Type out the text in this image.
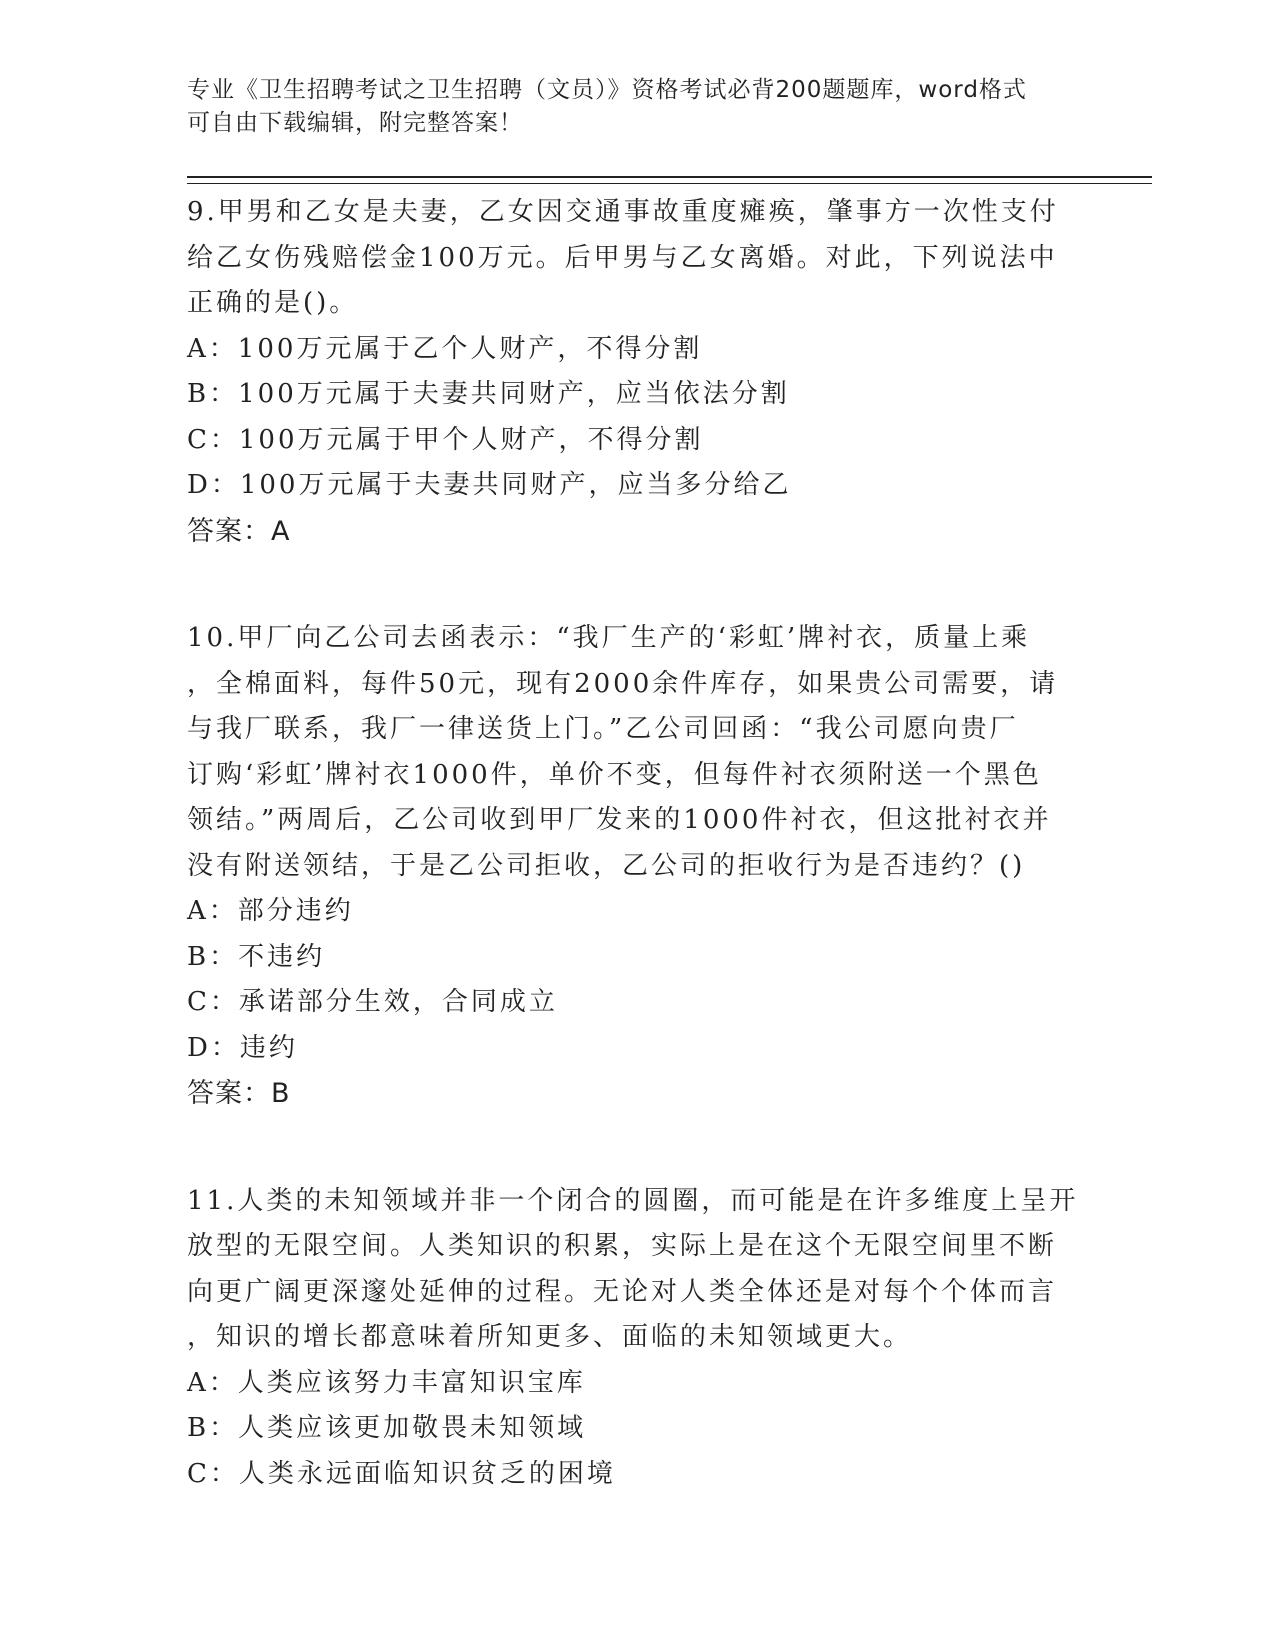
专业《卫生招聘考试之卫生招聘（文员）》资格考试必背200题题库，word格式
可自由下载编辑，附完整答案！

9.甲男和乙女是夫妻，乙女因交通事故重度瘫痪，肇事方一次性支付

给乙女伤残赔偿金100万元。后甲男与乙女离婚。对此，下列说法中

正确的是()。

A：100万元属于乙个人财产，不得分割

B：100万元属于夫妻共同财产，应当依法分割

C：100万元属于甲个人财产，不得分割

D：100万元属于夫妻共同财产，应当多分给乙

答案：A

10.甲厂向乙公司去函表示：“我厂生产的‘彩虹’牌衬衣，质量上乘

，全棉面料，每件50元，现有2000余件库存，如果贵公司需要，请

与我厂联系，我厂一律送货上门。”乙公司回函：“我公司愿向贵厂

订购‘彩虹’牌衬衣1000件，单价不变，但每件衬衣须附送一个黑色

领结。”两周后，乙公司收到甲厂发来的1000件衬衣，但这批衬衣并

没有附送领结，于是乙公司拒收，乙公司的拒收行为是否违约？()

A：部分违约

B：不违约

C：承诺部分生效，合同成立

D：违约

答案：B

11.人类的未知领域并非一个闭合的圆圈，而可能是在许多维度上呈开

放型的无限空间。人类知识的积累，实际上是在这个无限空间里不断

向更广阔更深邃处延伸的过程。无论对人类全体还是对每个个体而言

，知识的增长都意味着所知更多、面临的未知领域更大。

A：人类应该努力丰富知识宝库

B：人类应该更加敬畏未知领域

C：人类永远面临知识贫乏的困境
